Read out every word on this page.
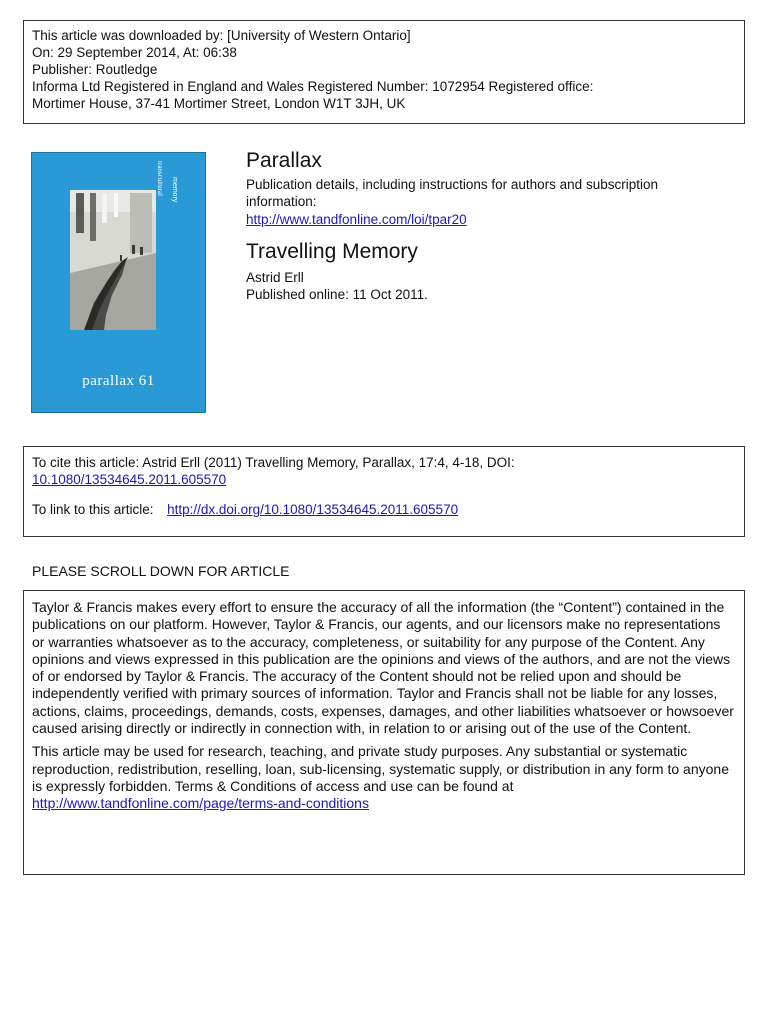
This article was downloaded by: [University of Western Ontario]
On: 29 September 2014, At: 06:38
Publisher: Routledge
Informa Ltd Registered in England and Wales Registered Number: 1072954 Registered office:
Mortimer House, 37-41 Mortimer Street, London W1T 3JH, UK
transcultural memory
parallax 61
Parallax
Publication details, including instructions for authors and subscription information:
http://www.tandfonline.com/loi/tpar20
Travelling Memory
Astrid Erll
Published online: 11 Oct 2011.
To cite this article: Astrid Erll (2011) Travelling Memory, Parallax, 17:4, 4-18, DOI:
10.1080/13534645.2011.605570
To link to this article: http://dx.doi.org/10.1080/13534645.2011.605570
PLEASE SCROLL DOWN FOR ARTICLE

Taylor & Francis makes every effort to ensure the accuracy of all the information (the “Content”) contained in the publications on our platform. However, Taylor & Francis, our agents, and our licensors make no representations or warranties whatsoever as to the accuracy, completeness, or suitability for any purpose of the Content. Any opinions and views expressed in this publication are the opinions and views of the authors, and are not the views of or endorsed by Taylor & Francis. The accuracy of the Content should not be relied upon and should be independently verified with primary sources of information. Taylor and Francis shall not be liable for any losses, actions, claims, proceedings, demands, costs, expenses, damages, and other liabilities whatsoever or howsoever caused arising directly or indirectly in connection with, in relation to or arising out of the use of the Content.

This article may be used for research, teaching, and private study purposes. Any substantial or systematic reproduction, redistribution, reselling, loan, sub-licensing, systematic supply, or distribution in any form to anyone is expressly forbidden. Terms & Conditions of access and use can be found at http://www.tandfonline.com/page/terms-and-conditions
